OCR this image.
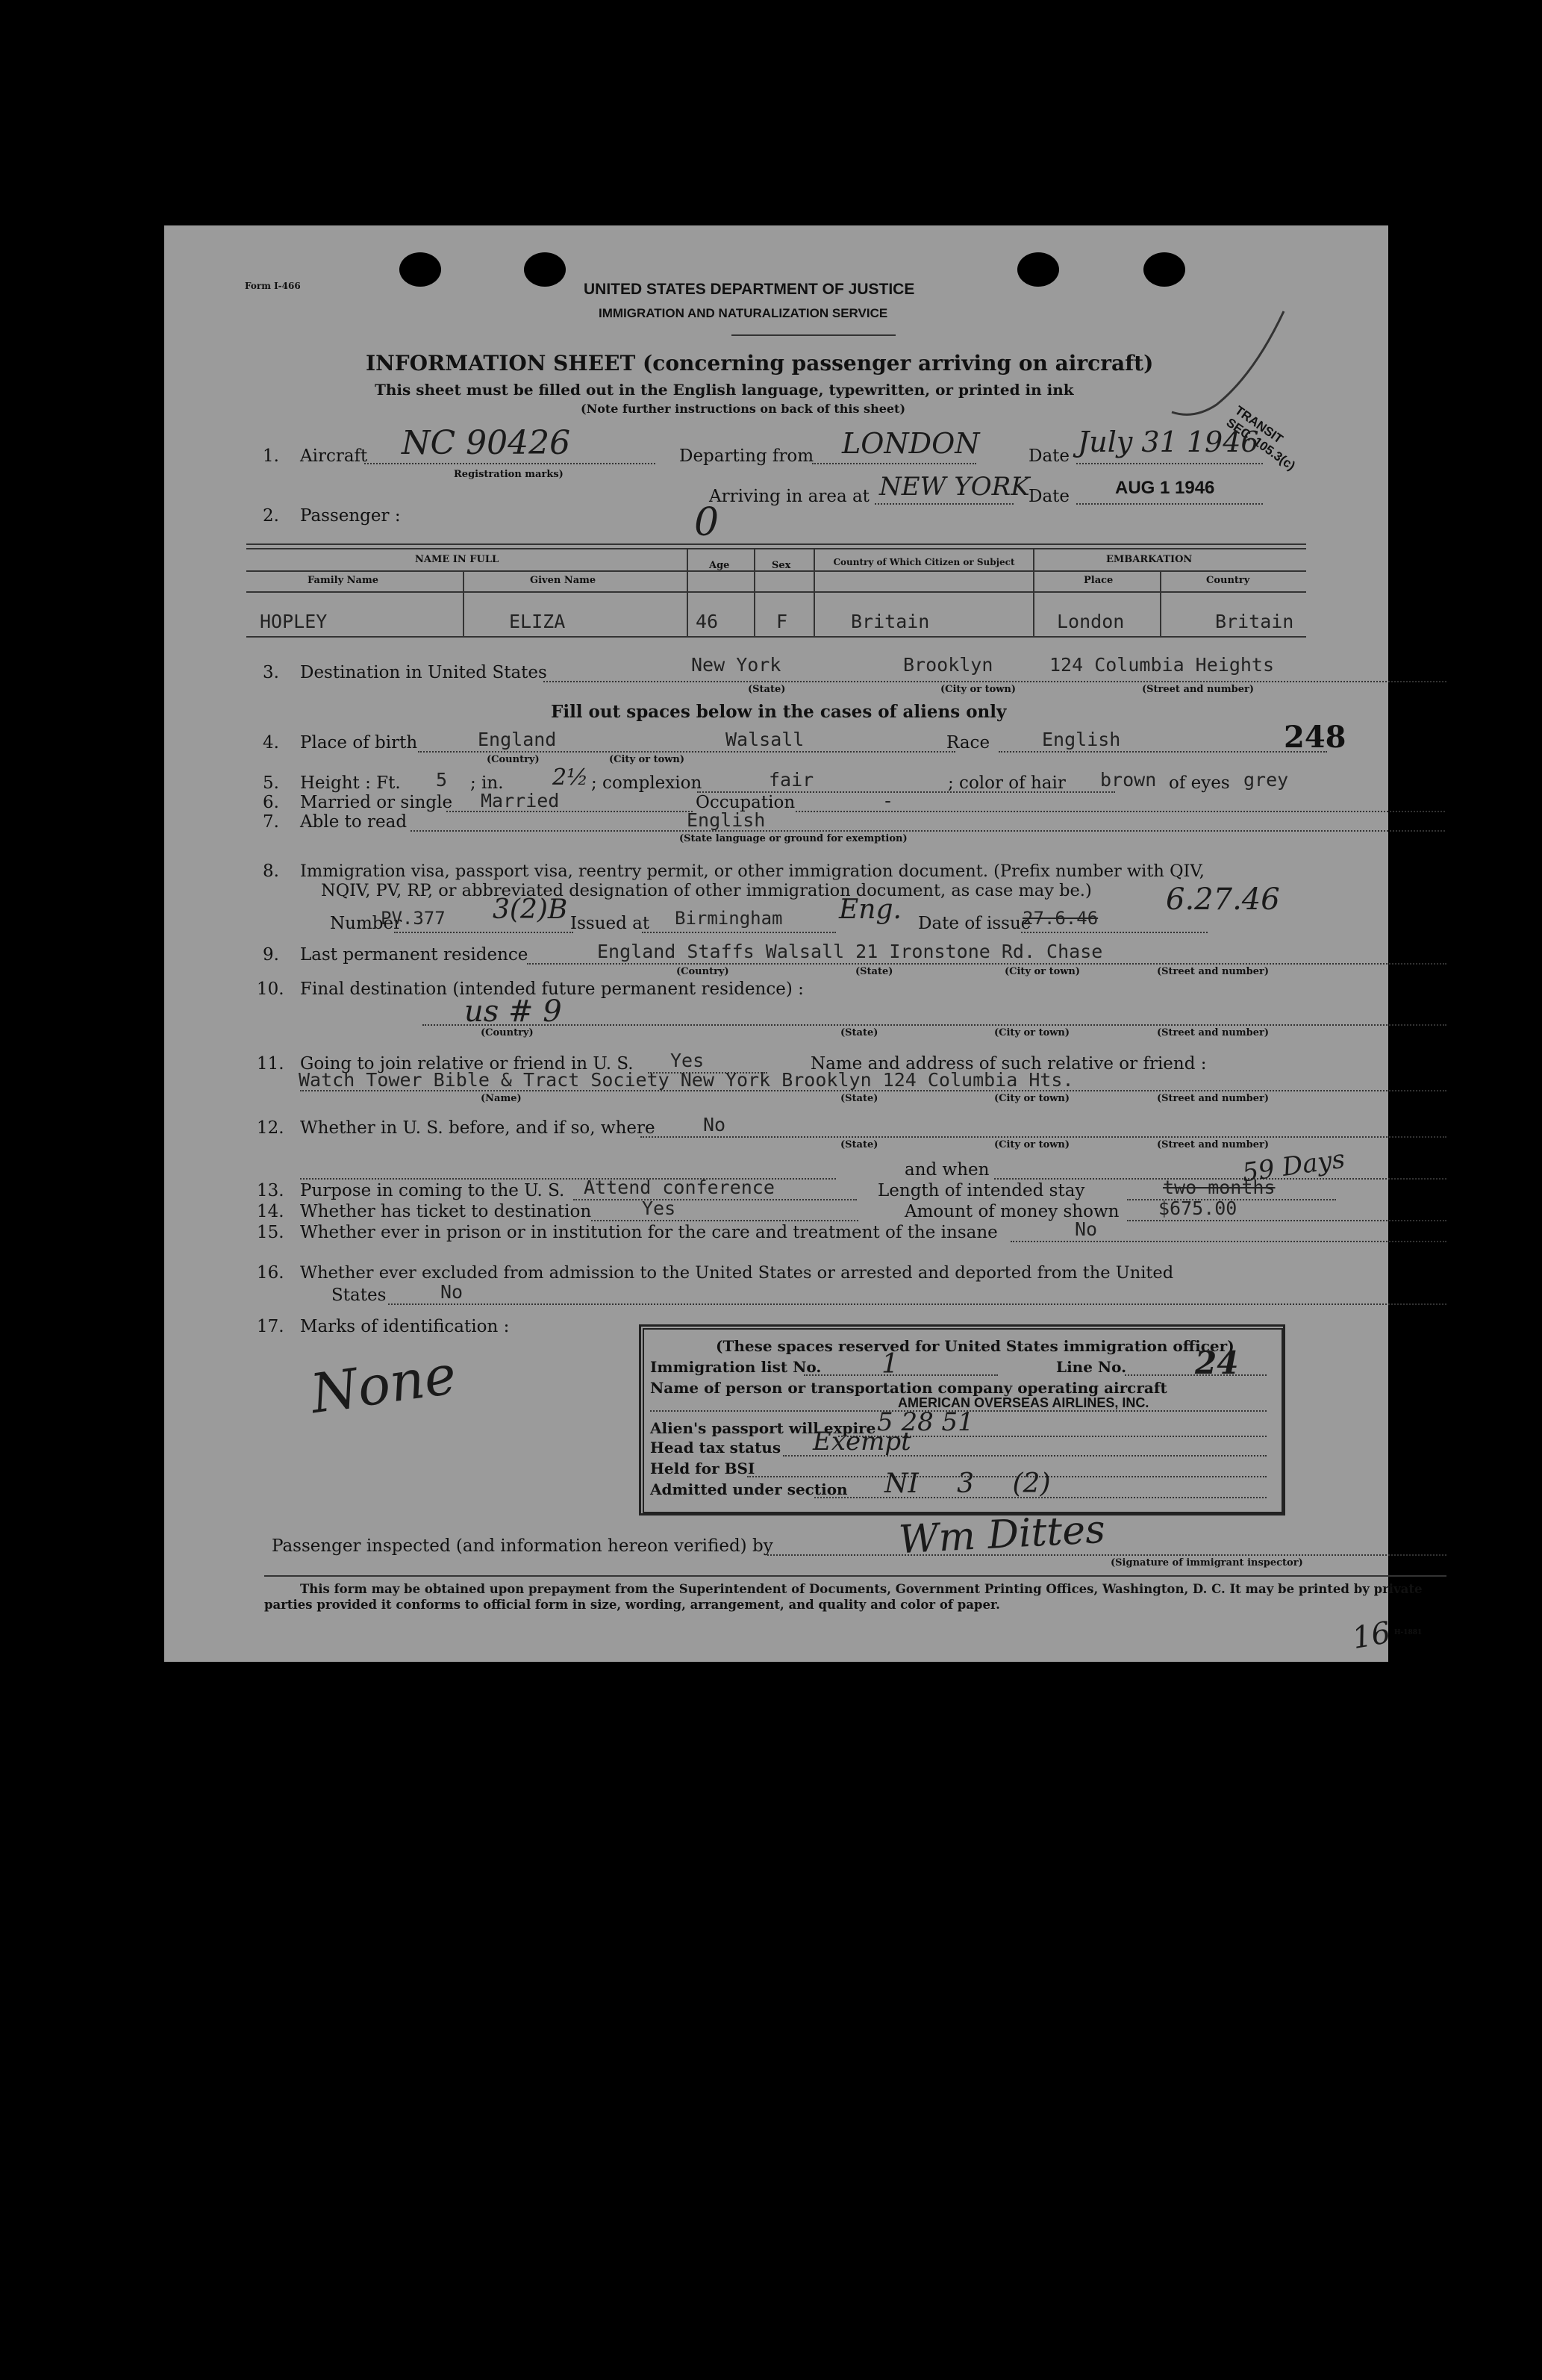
Form I-466	UNITED STATES DEPARTMENT OF JUSTICE
IMMIGRATION AND NATURALIZATION SERVICE
INFORMATION SHEET (concerning passenger arriving on aircraft)
This sheet must be filled out in the English language, typewritten, or printed in ink
(Note further instructions on back of this sheet)	TRANSIT SEC. 105.3(c)
1. Aircraft NC 90426
Registration marks)
Departing from LONDON	Date July 31 1946
Arriving in area at NEW YORK
Date	AUG 1 1946
2. Passenger :	0
NAME IN FULL
Family Name	Given Name
Age	Sex	Country of Which Citizen or Subject	EMBARKATION
Place	Country
HOPLEY	ELIZA	46	F	Britain	London	Britain
3. Destination in United States	New York	Brooklyn	124 Columbia Heights
(State)	(City or town)	(Street and number)
Fill out spaces below in the cases of aliens only
4. Place of birth	England	Walsall
(Country)	(City or town)
Race	English	248
5. Height : Ft. 5 ; in. 2½ ; complexion	fair	; color of hair brown of eyes grey
6. Married or single Married	Occupation	-
7. Able to read	English
(State language or ground for exemption)
8. Immigration visa, passport visa, reentry permit, or other immigration document. (Prefix number with QIV,
NQIV, PV, RP, or abbreviated designation of other immigration document, as case may be.)
Number
PV.377 3(2)B Issued at Birmingham Eng. Date of issue
27.6.46
6.27.46
9. Last permanent residence	England Staffs Walsall 21 Ironstone Rd. Chase
(Country)	(State)	(City or town)	(Street and number)
10. Final destination (intended future permanent residence) :
us # 9
(Country)	(State)	(City or town)	(Street and number)
11. Going to join relative or friend in U. S. Yes	Name and address of such relative or friend :
Watch Tower Bible & Tract Society New York Brooklyn 124 Columbia Hts.
(Name)	(State)	(City or town)	(Street and number)
12. Whether in U. S. before, and if so, where	No
(State)	(City or town)	(Street and number)
and when	59 Days
13. Purpose in coming to the U. S. Attend conference	Length of intended stay	two months
14. Whether has ticket to destination	Yes	Amount of money shown $675.00
15. Whether ever in prison or in institution for the care and treatment of the insane	No
16. Whether ever excluded from admission to the United States or arrested and deported from the United
States	No
17. Marks of identification :
None	(These spaces reserved for United States immigration officer)
Immigration list No. 1	Line No. 24
Name of person or transportation company operating aircraft
AMERICAN OVERSEAS AIRLINES, INC.
Alien's passport will expire 5 28 51
Head tax status Exempt
Held for BSI
Admitted under section NI 3 (2)
Passenger inspected (and information hereon verified) by	Wm Dittes
(Signature of immigrant inspector)
This form may be obtained upon prepayment from the Superintendent of Documents, Government Printing Offices, Washington, D. C. It may be printed by private parties provided it conforms to official form in size, wording, arrangement, and quality and color of paper.
H-1881
16
